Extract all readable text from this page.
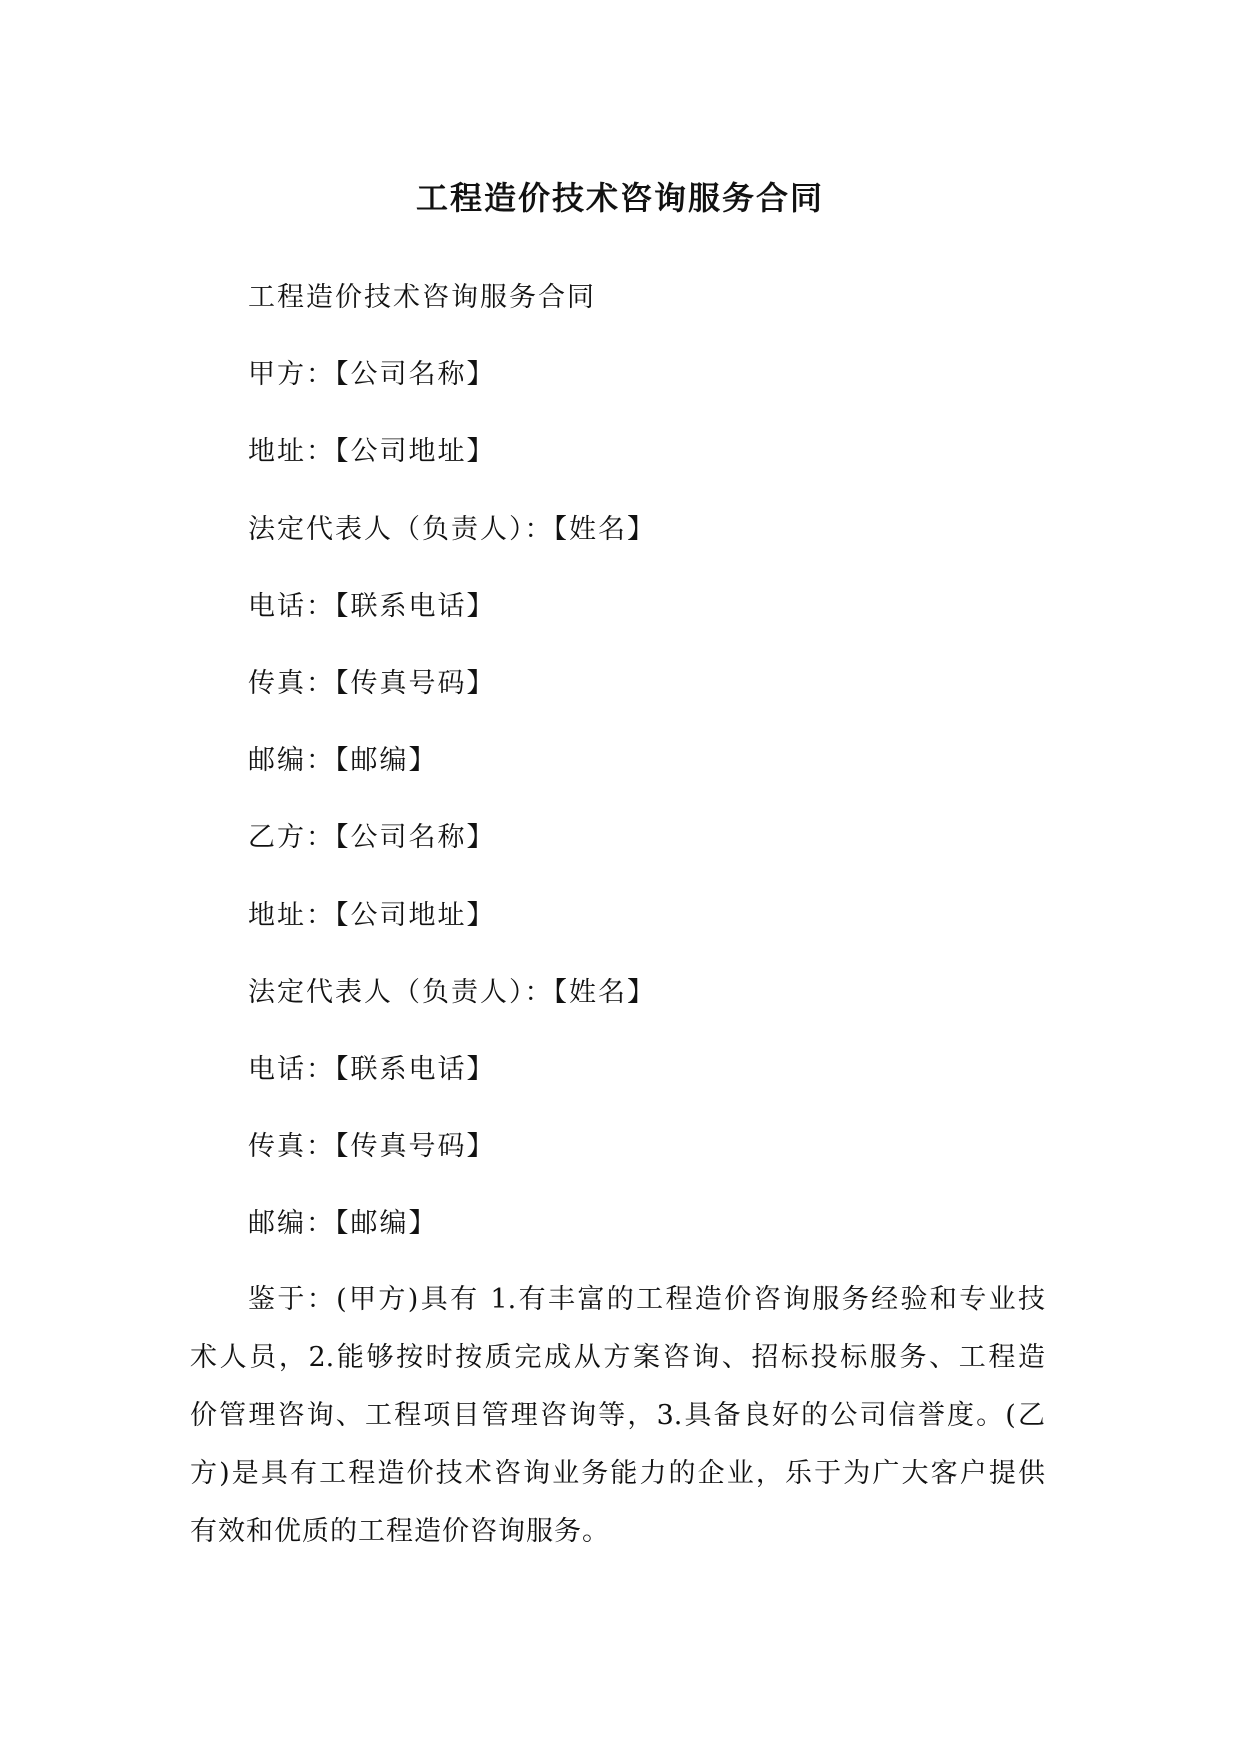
工程造价技术咨询服务合同
工程造价技术咨询服务合同
甲方：【公司名称】
地址：【公司地址】
法定代表人（负责人）：【姓名】
电话：【联系电话】
传真：【传真号码】
邮编：【邮编】
乙方：【公司名称】
地址：【公司地址】
法定代表人（负责人）：【姓名】
电话：【联系电话】
传真：【传真号码】
邮编：【邮编】
鉴于：(甲方)具有 1.有丰富的工程造价咨询服务经验和专业技
术人员，2.能够按时按质完成从方案咨询、招标投标服务、工程造
价管理咨询、工程项目管理咨询等，3.具备良好的公司信誉度。(乙
方)是具有工程造价技术咨询业务能力的企业，乐于为广大客户提供
有效和优质的工程造价咨询服务。
